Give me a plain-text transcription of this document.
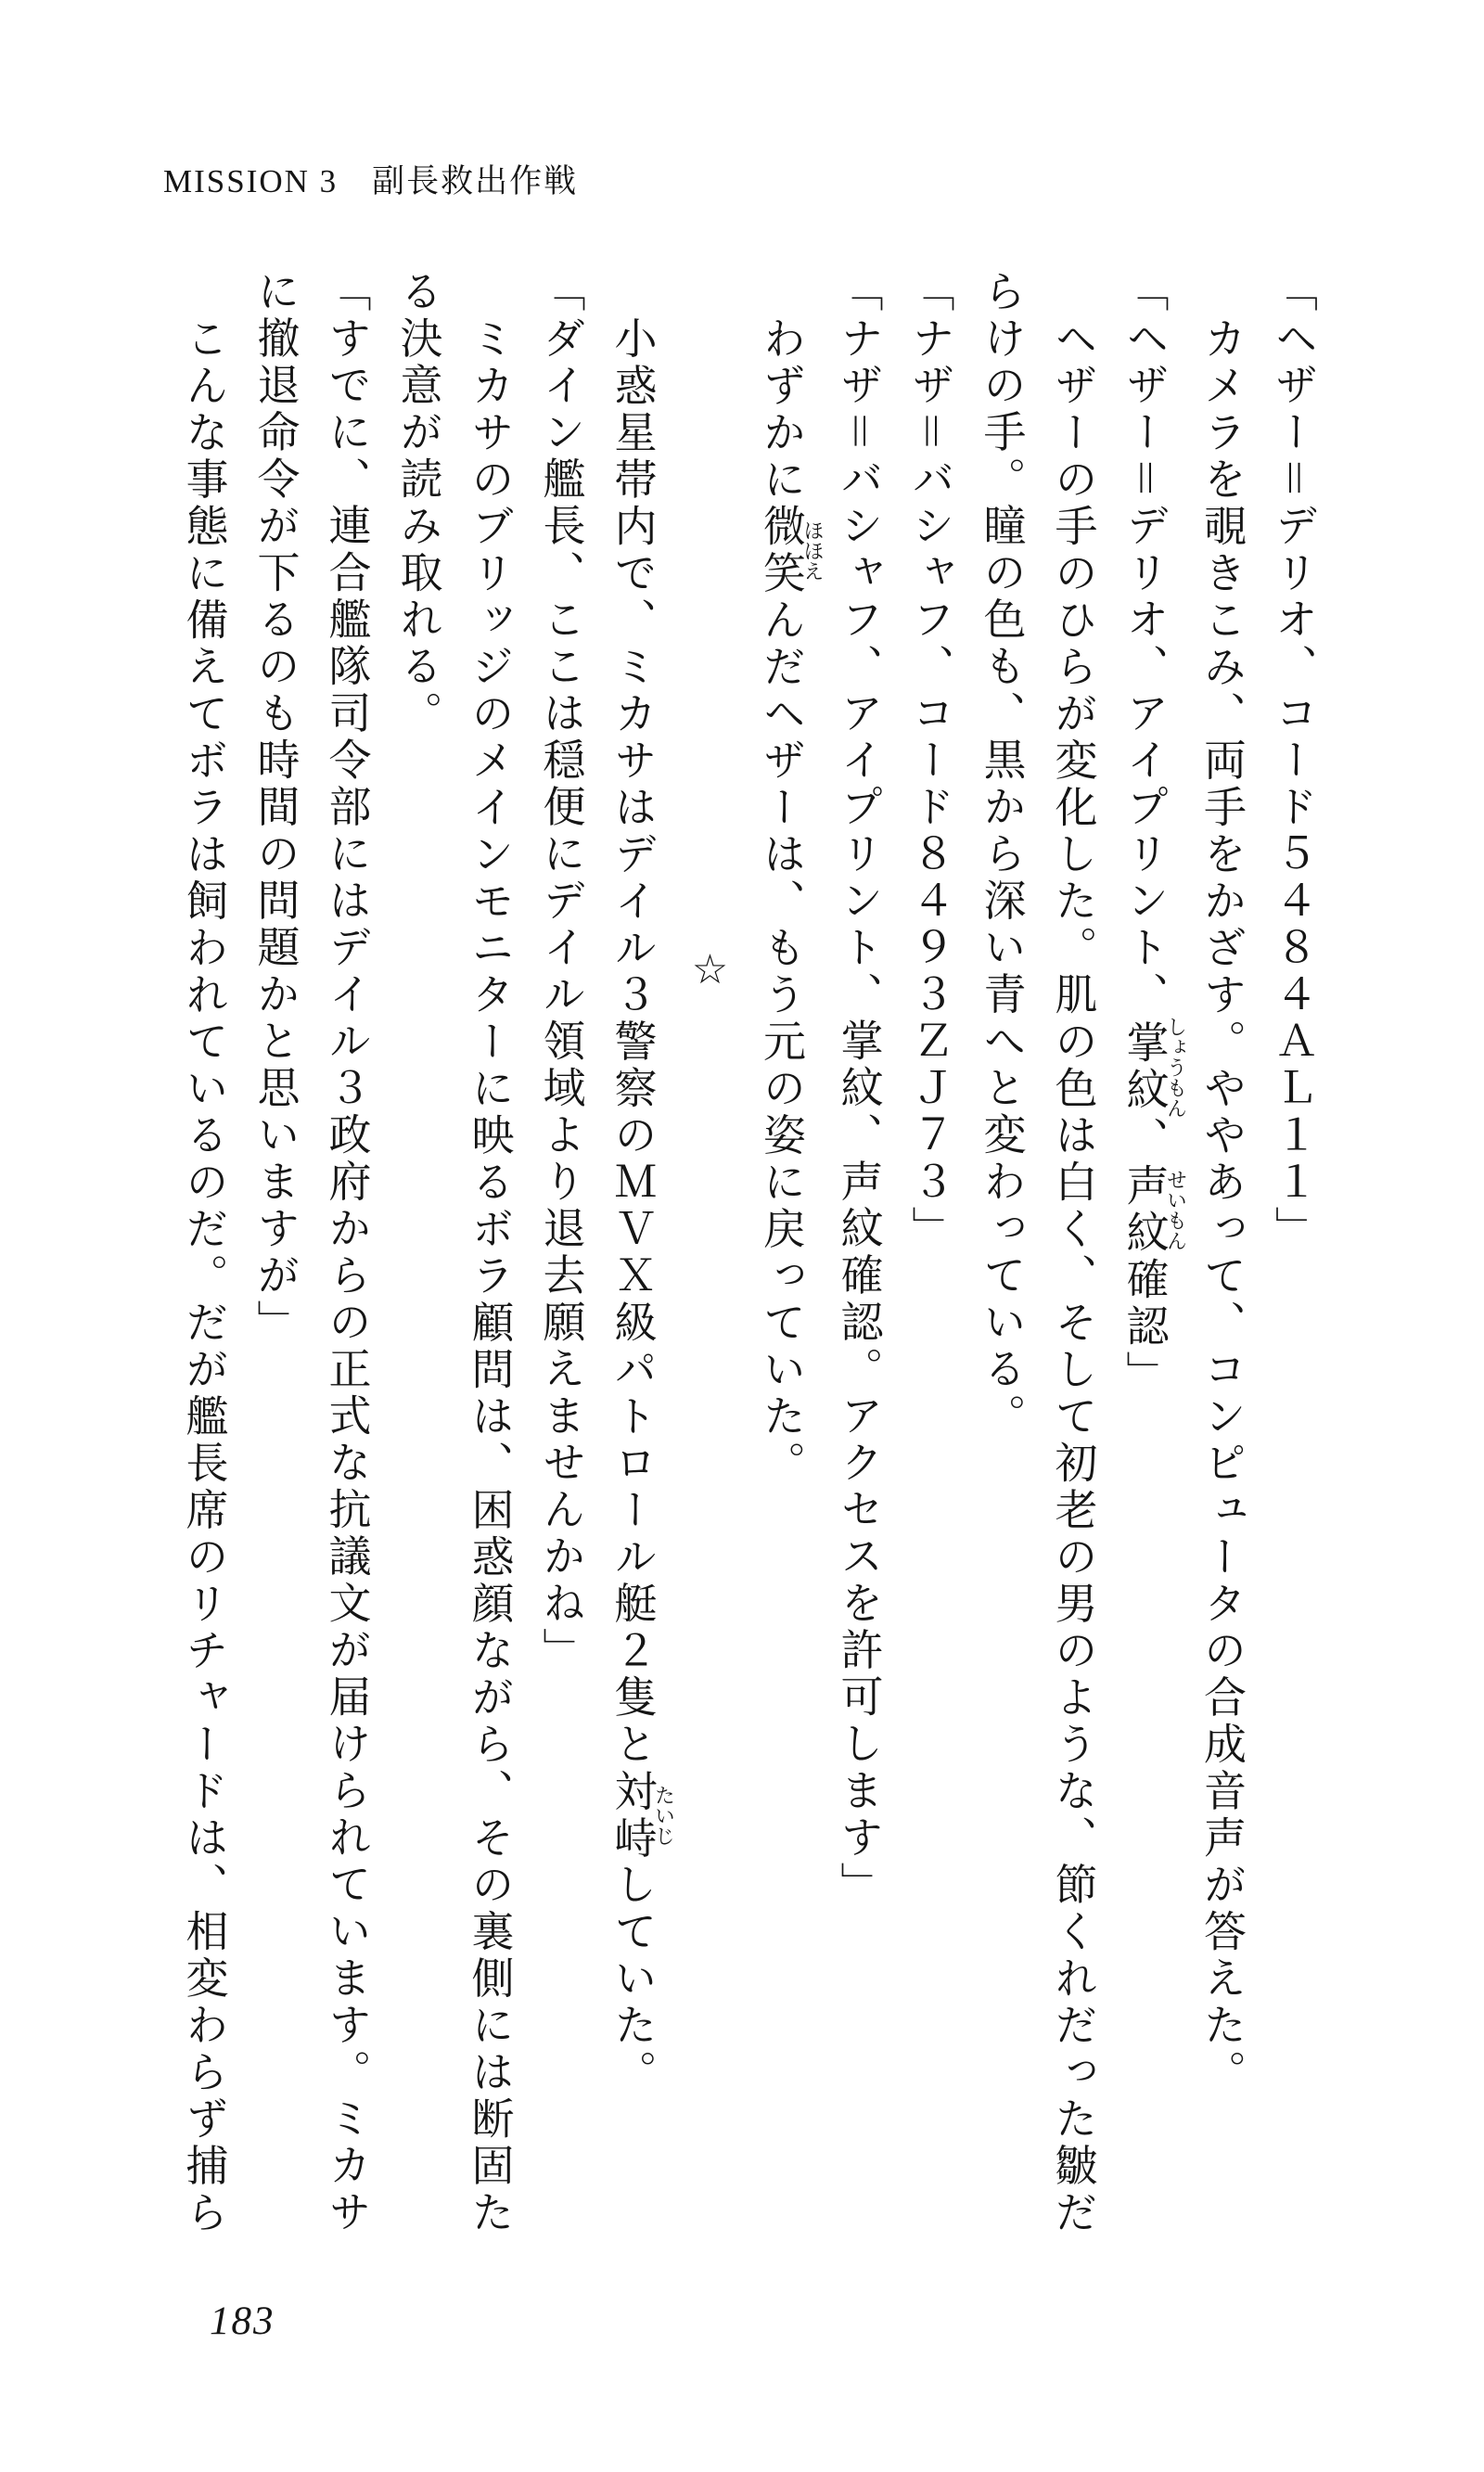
MISSION 3　副長救出作戦
「ヘザー＝デリオ、コード５４８４ＡＬ１１」
カメラを覗きこみ、両手をかざす。ややあって、コンピュータの合成音声が答えた。
「ヘザー＝デリオ、アイプリント、掌紋しょうもん、声紋せいもん確認」
ヘザーの手のひらが変化した。肌の色は白く、そして初老の男のような、節くれだった皺だ
らけの手。瞳の色も、黒から深い青へと変わっている。
「ナザ＝バシャフ、コード８４９３ＺＪ７３」
「ナザ＝バシャフ、アイプリント、掌紋、声紋確認。アクセスを許可します」
わずかに微笑ほほえんだヘザーは、もう元の姿に戻っていた。
☆
小惑星帯内で、ミカサはデイル３警察のＭＶＸ級パトロール艇２隻と対峙たいじしていた。
「ダイン艦長、ここは穏便にデイル領域より退去願えませんかね」
ミカサのブリッジのメインモニターに映るボラ顧問は、困惑顔ながら、その裏側には断固た
る決意が読み取れる。
「すでに、連合艦隊司令部にはデイル３政府からの正式な抗議文が届けられています。ミカサ
に撤退命令が下るのも時間の問題かと思いますが」
こんな事態に備えてボラは飼われているのだ。だが艦長席のリチャードは、相変わらず捕ら
183
